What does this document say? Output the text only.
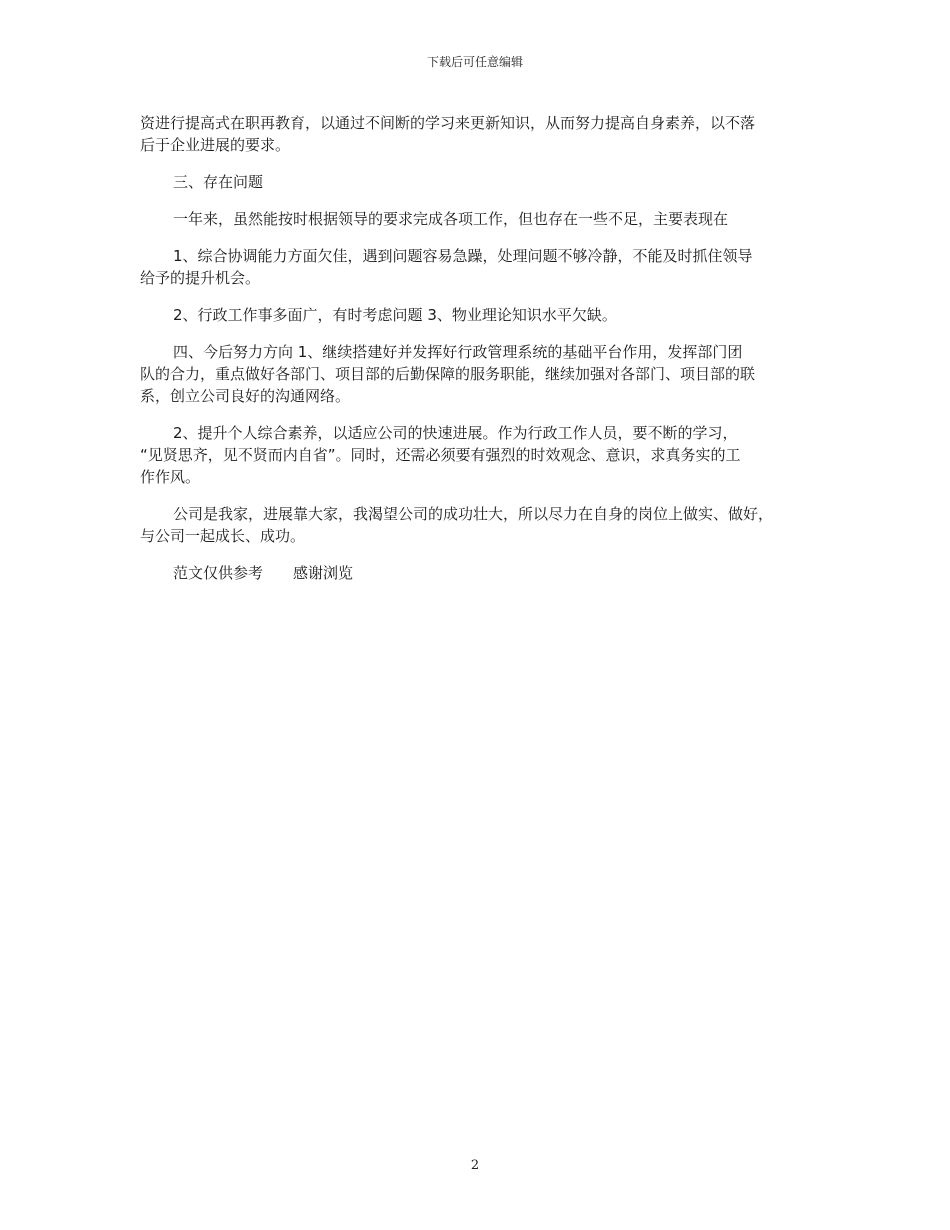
下载后可任意编辑

资进行提高式在职再教育，以通过不间断的学习来更新知识，从而努力提高自身素养，以不落
后于企业进展的要求。

三、存在问题

一年来，虽然能按时根据领导的要求完成各项工作，但也存在一些不足，主要表现在

1、综合协调能力方面欠佳，遇到问题容易急躁，处理问题不够冷静，不能及时抓住领导
给予的提升机会。

2、行政工作事多面广，有时考虑问题 3、物业理论知识水平欠缺。

四、今后努力方向 1、继续搭建好并发挥好行政管理系统的基础平台作用，发挥部门团
队的合力，重点做好各部门、项目部的后勤保障的服务职能，继续加强对各部门、项目部的联
系，创立公司良好的沟通网络。

2、提升个人综合素养，以适应公司的快速进展。作为行政工作人员，要不断的学习，
“见贤思齐，见不贤而内自省”。同时，还需必须要有强烈的时效观念、意识，求真务实的工
作作风。

公司是我家，进展靠大家，我渴望公司的成功壮大，所以尽力在自身的岗位上做实、做好，
与公司一起成长、成功。

范文仅供参考 感谢浏览

2
